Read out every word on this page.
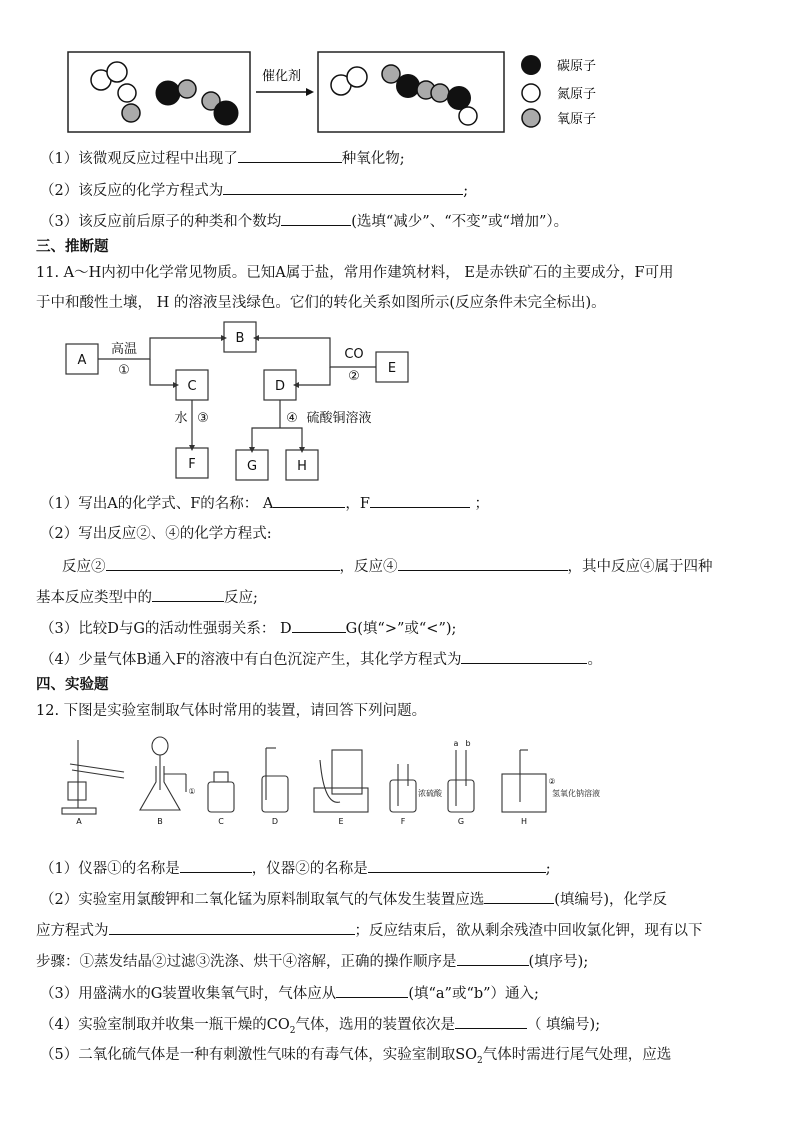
催化剂
碳原子
氮原子
氧原子
（1）该微观反应过程中出现了	种氧化物;
（2）该反应的化学方程式为	;
（3）该反应前后原子的种类和个数均	(选填“减少”、“不变”或“增加”）。
三、推断题
11. A～H内初中化学常见物质。已知A属于盐，常用作建筑材料， E是赤铁矿石的主要成分，F可用
于中和酸性土壤， H 的溶液呈浅绿色。它们的转化关系如图所示(反应条件未完全标出)。
A
B
C	D
E
F	G	H
高温
①
CO
②
水 ③	④ 硫酸铜溶液
（1）写出A的化学式、F的名称： A	，F	；
（2）写出反应②、④的化学方程式:
反应②	，反应④	，其中反应④属于四种
基本反应类型中的	反应;
（3）比较D与G的活动性强弱关系： D	G(填“>”或“<”);
（4）少量气体B通入F的溶液中有白色沉淀产生，其化学方程式为	。
四、实验题
12. 下图是实验室制取气体时常用的装置，请回答下列问题。
A	B	C	D	E	F	G	H
①
②
浓硫酸
a b
氢氧化钠溶液
（1）仪器①的名称是	，仪器②的名称是	;
（2）实验室用氯酸钾和二氧化锰为原料制取氧气的气体发生装置应选	(填编号)，化学反
应方程式为	；反应结束后，欲从剩余残渣中回收氯化钾，现有以下
步骤：①蒸发结晶②过滤③洗涤、烘干④溶解，正确的操作顺序是	(填序号);
（3）用盛满水的G装置收集氧气时，气体应从	(填“a”或“b”）通入;
（4）实验室制取并收集一瓶干燥的$CO_2$气体，选用的装置依次是	（ 填编号);
（5）二氧化硫气体是一种有刺激性气味的有毒气体，实验室制取$SO_2$气体时需进行尾气处理，应选
